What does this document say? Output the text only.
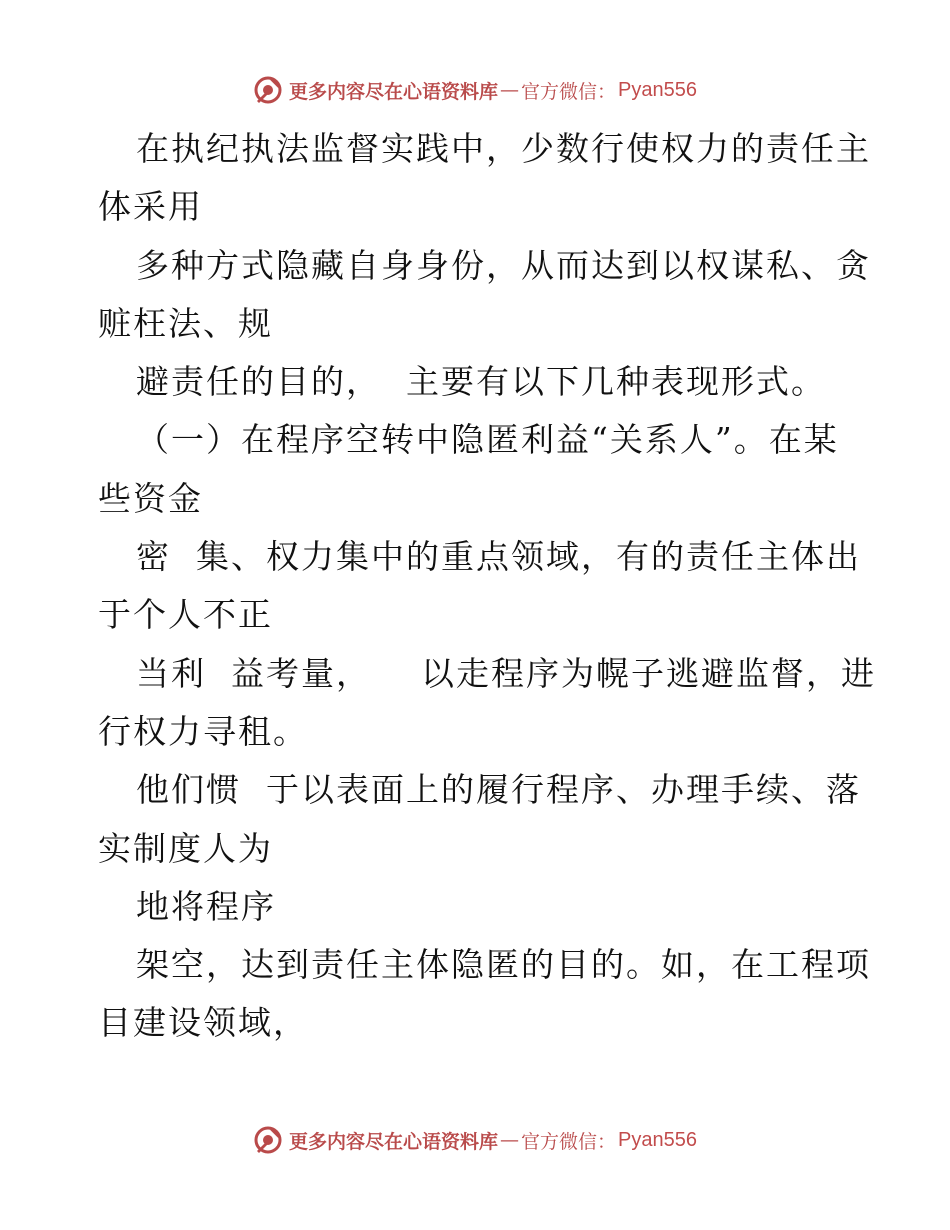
更多内容尽在心语资料库 — 官方微信： Pyan556
在执纪执法监督实践中，少数行使权力的责任主
体采用
多种方式隐藏自身身份，从而达到以权谋私、贪
赃枉法、规
避责任的目的，  主要有以下几种表现形式。
（一）在程序空转中隐匿利益“关系人”。在某
些资金
密  集、权力集中的重点领域，有的责任主体出
于个人不正
当利  益考量，    以走程序为幌子逃避监督，进
行权力寻租。
他们惯  于以表面上的履行程序、办理手续、落
实制度人为
地将程序
架空，达到责任主体隐匿的目的。如，在工程项
目建设领域，
更多内容尽在心语资料库 — 官方微信： Pyan556
